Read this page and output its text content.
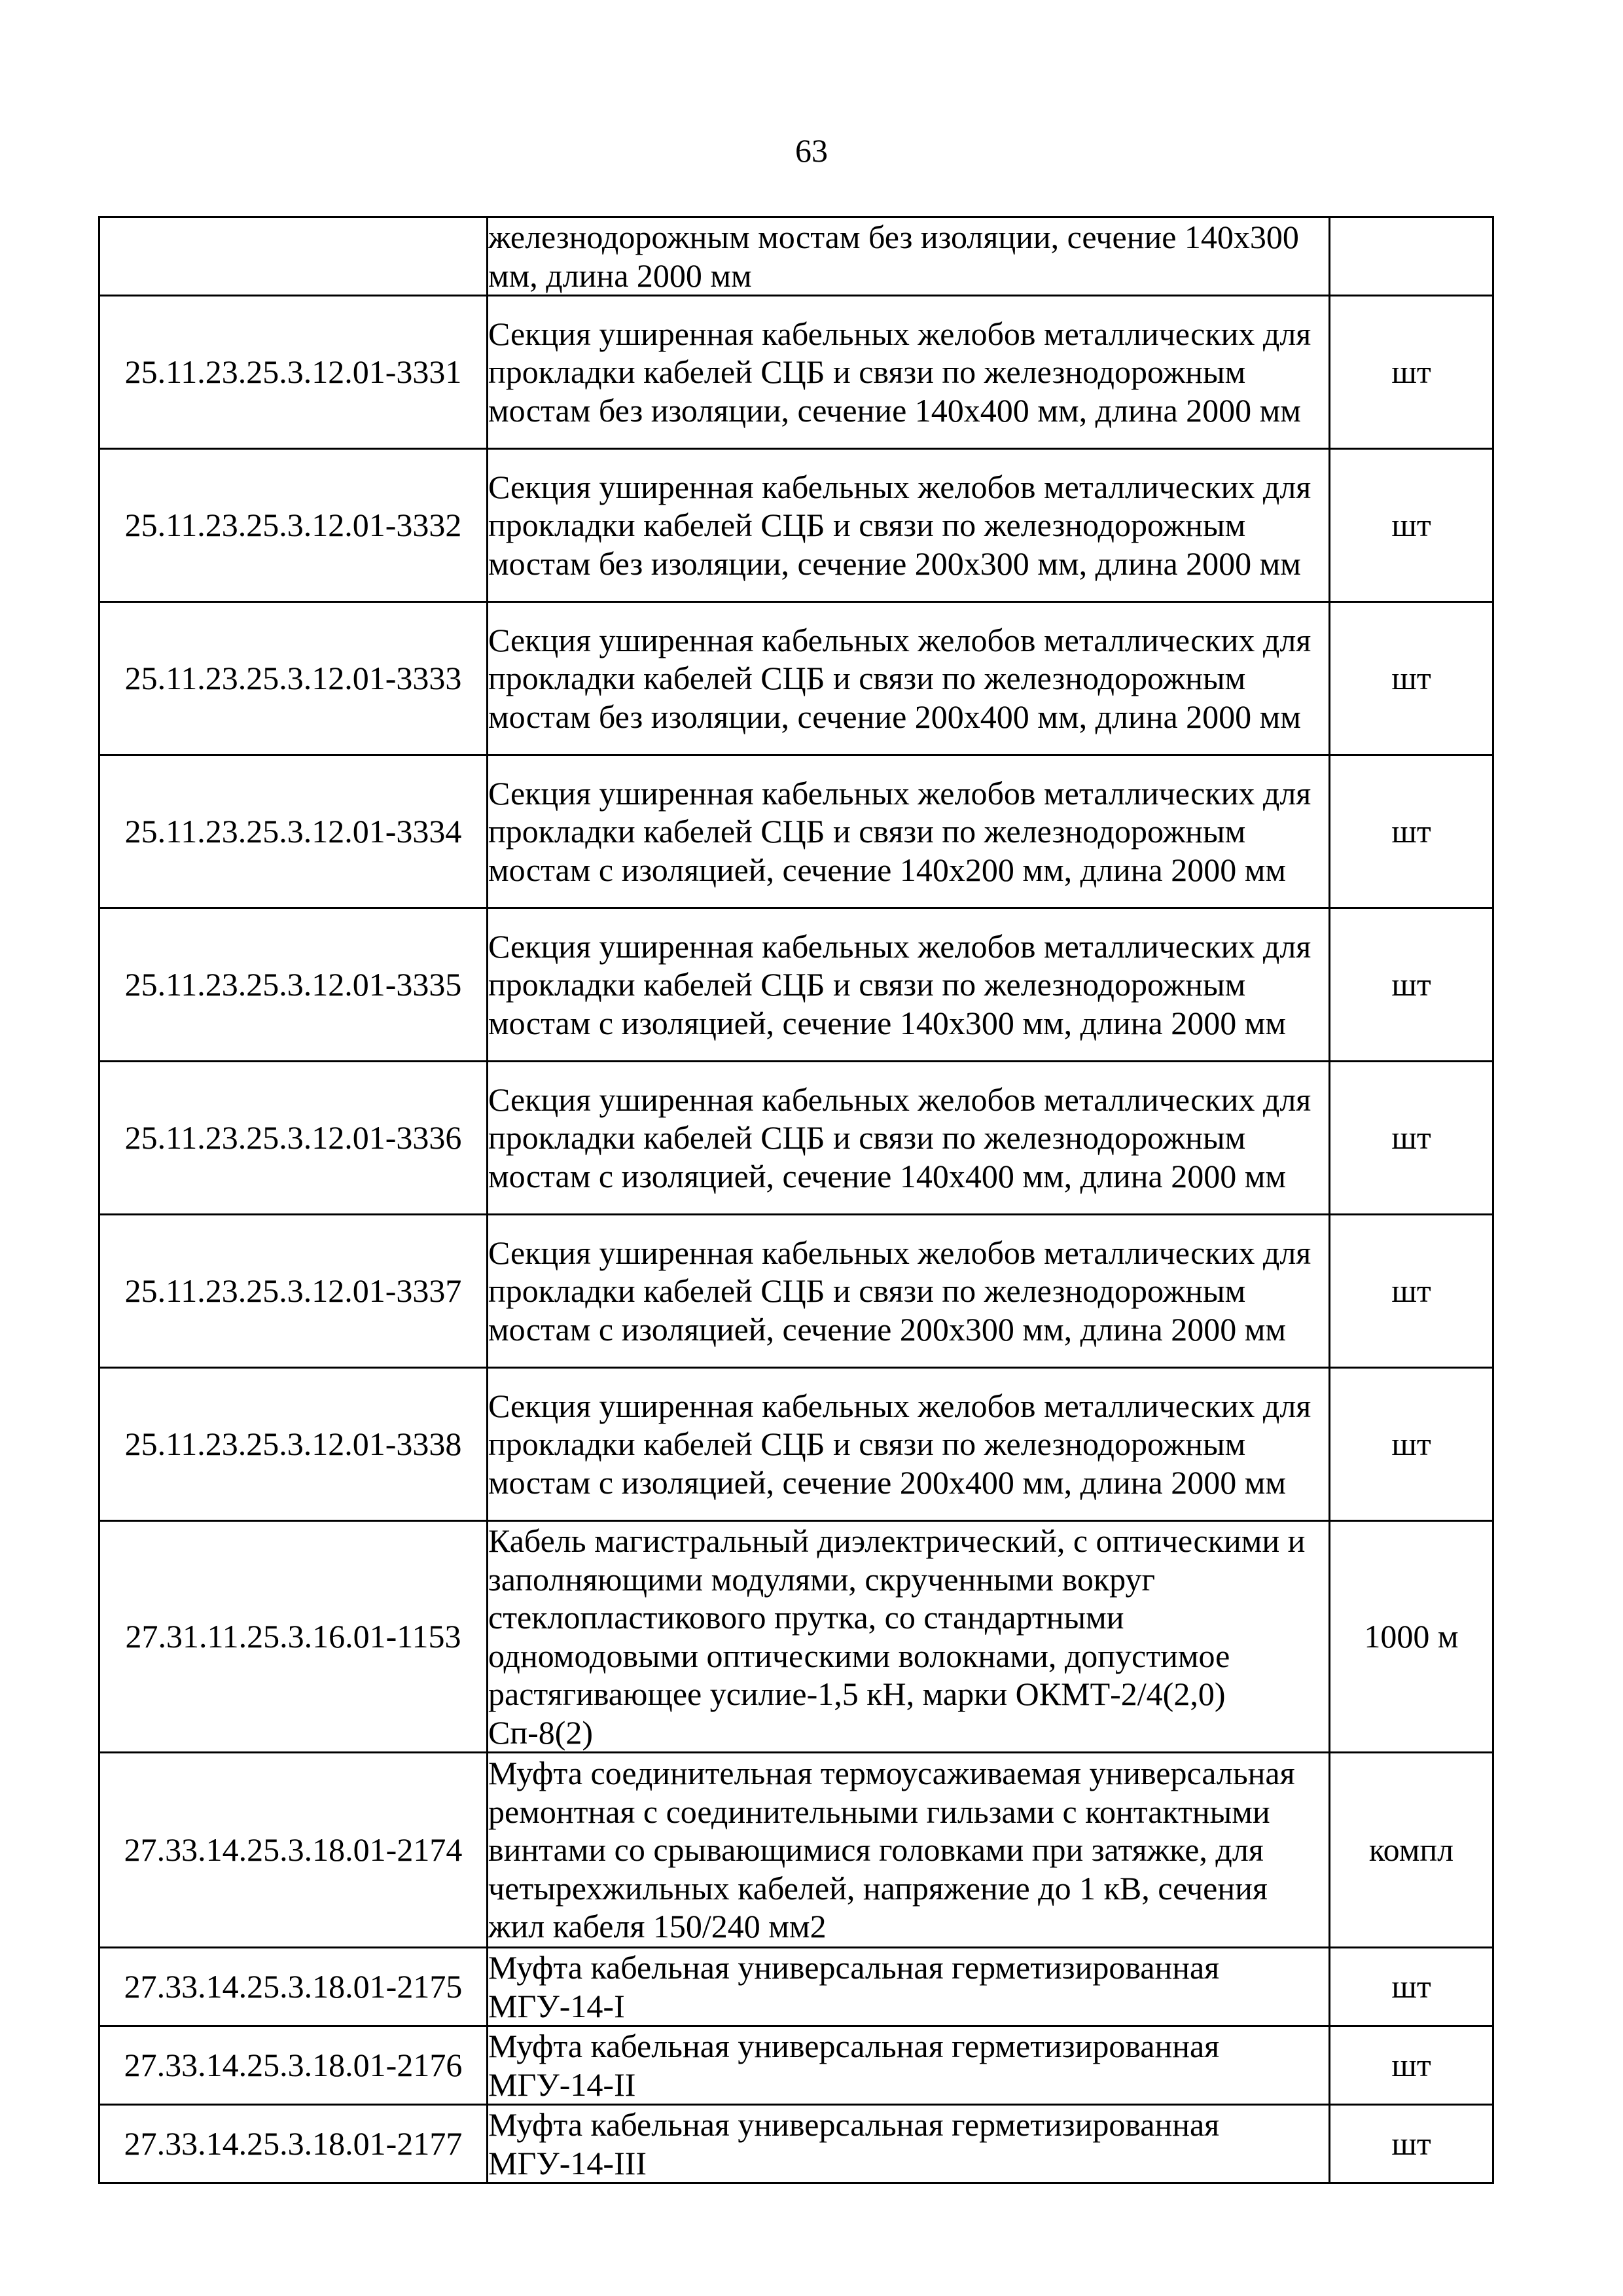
63
	железнодорожным мостам без изоляции, сечение 140х300 мм, длина 2000 мм	
25.11.23.25.3.12.01-3331	Секция уширенная кабельных желобов металлических для прокладки кабелей СЦБ и связи по железнодорожным мостам без изоляции, сечение 140х400 мм, длина 2000 мм	шт
25.11.23.25.3.12.01-3332	Секция уширенная кабельных желобов металлических для прокладки кабелей СЦБ и связи по железнодорожным мостам без изоляции, сечение 200х300 мм, длина 2000 мм	шт
25.11.23.25.3.12.01-3333	Секция уширенная кабельных желобов металлических для прокладки кабелей СЦБ и связи по железнодорожным мостам без изоляции, сечение 200х400 мм, длина 2000 мм	шт
25.11.23.25.3.12.01-3334	Секция уширенная кабельных желобов металлических для прокладки кабелей СЦБ и связи по железнодорожным мостам с изоляцией, сечение 140х200 мм, длина 2000 мм	шт
25.11.23.25.3.12.01-3335	Секция уширенная кабельных желобов металлических для прокладки кабелей СЦБ и связи по железнодорожным мостам с изоляцией, сечение 140х300 мм, длина 2000 мм	шт
25.11.23.25.3.12.01-3336	Секция уширенная кабельных желобов металлических для прокладки кабелей СЦБ и связи по железнодорожным мостам с изоляцией, сечение 140х400 мм, длина 2000 мм	шт
25.11.23.25.3.12.01-3337	Секция уширенная кабельных желобов металлических для прокладки кабелей СЦБ и связи по железнодорожным мостам с изоляцией, сечение 200х300 мм, длина 2000 мм	шт
25.11.23.25.3.12.01-3338	Секция уширенная кабельных желобов металлических для прокладки кабелей СЦБ и связи по железнодорожным мостам с изоляцией, сечение 200х400 мм, длина 2000 мм	шт
27.31.11.25.3.16.01-1153	Кабель магистральный диэлектрический, с оптическими и заполняющими модулями, скрученными вокруг стеклопластикового прутка, со стандартными одномодовыми оптическими волокнами, допустимое растягивающее усилие-1,5 кН, марки ОКМТ-2/4(2,0) Сп-8(2)	1000 м
27.33.14.25.3.18.01-2174	Муфта соединительная термоусаживаемая универсальная ремонтная с соединительными гильзами с контактными винтами со срывающимися головками при затяжке, для четырехжильных кабелей, напряжение до 1 кВ, сечения жил кабеля 150/240 мм2	компл
27.33.14.25.3.18.01-2175	Муфта кабельная универсальная герметизированная МГУ-14-I	шт
27.33.14.25.3.18.01-2176	Муфта кабельная универсальная герметизированная МГУ-14-II	шт
27.33.14.25.3.18.01-2177	Муфта кабельная универсальная герметизированная МГУ-14-III	шт
